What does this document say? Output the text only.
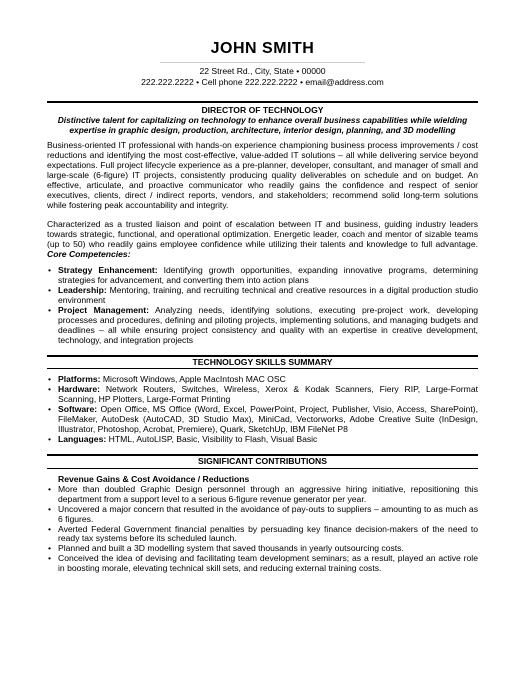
JOHN SMITH
22 Street Rd., City, State • 00000
222.222.2222 • Cell phone 222.222.2222 • email@address.com
DIRECTOR OF TECHNOLOGY
Distinctive talent for capitalizing on technology to enhance overall business capabilities while wielding expertise in graphic design, production, architecture, interior design, planning, and 3D modelling

Business-oriented IT professional with hands-on experience championing business process improvements / cost reductions and identifying the most cost-effective, value-added IT solutions – all while delivering service beyond expectations. Full project lifecycle experience as a pre-planner, developer, consultant, and manager of small and large-scale (6-figure) IT projects, consistently producing quality deliverables on schedule and on budget. An effective, articulate, and proactive communicator who readily gains the confidence and respect of senior executives, clients, direct / indirect reports, vendors, and stakeholders; recommend solid long-term solutions while fostering peak accountability and integrity.

Characterized as a trusted liaison and point of escalation between IT and business, guiding industry leaders towards strategic, functional, and operational optimization. Energetic leader, coach and mentor of sizable teams (up to 50) who readily gains employee confidence while utilizing their talents and knowledge to full advantage. Core Competencies:

• Strategy Enhancement: Identifying growth opportunities, expanding innovative programs, determining strategies for advancement, and converting them into action plans
• Leadership: Mentoring, training, and recruiting technical and creative resources in a digital production studio environment
• Project Management: Analyzing needs, identifying solutions, executing pre-project work, developing processes and procedures, defining and piloting projects, implementing solutions, and managing budgets and deadlines – all while ensuring project consistency and quality with an expertise in creative development, technology, and integration projects
TECHNOLOGY SKILLS SUMMARY
• Platforms: Microsoft Windows, Apple MacIntosh MAC OSC
• Hardware: Network Routers, Switches, Wireless, Xerox & Kodak Scanners, Fiery RIP, Large-Format Scanning, HP Plotters, Large-Format Printing
• Software: Open Office, MS Office (Word, Excel, PowerPoint, Project, Publisher, Visio, Access, SharePoint), FileMaker, AutoDesk (AutoCAD, 3D Studio Max), MiniCad, Vectorworks, Adobe Creative Suite (InDesign, Illustrator, Photoshop, Acrobat, Premiere), Quark, SketchUp, IBM FileNet P8
• Languages: HTML, AutoLISP, Basic, Visibility to Flash, Visual Basic
SIGNIFICANT CONTRIBUTIONS
Revenue Gains & Cost Avoidance / Reductions
• More than doubled Graphic Design personnel through an aggressive hiring initiative, repositioning this department from a support level to a serious 6-figure revenue generator per year.
• Uncovered a major concern that resulted in the avoidance of pay-outs to suppliers – amounting to as much as 6 figures.
• Averted Federal Government financial penalties by persuading key finance decision-makers of the need to ready tax systems before its scheduled launch.
• Planned and built a 3D modelling system that saved thousands in yearly outsourcing costs.
• Conceived the idea of devising and facilitating team development seminars; as a result, played an active role in boosting morale, elevating technical skill sets, and reducing external training costs.
